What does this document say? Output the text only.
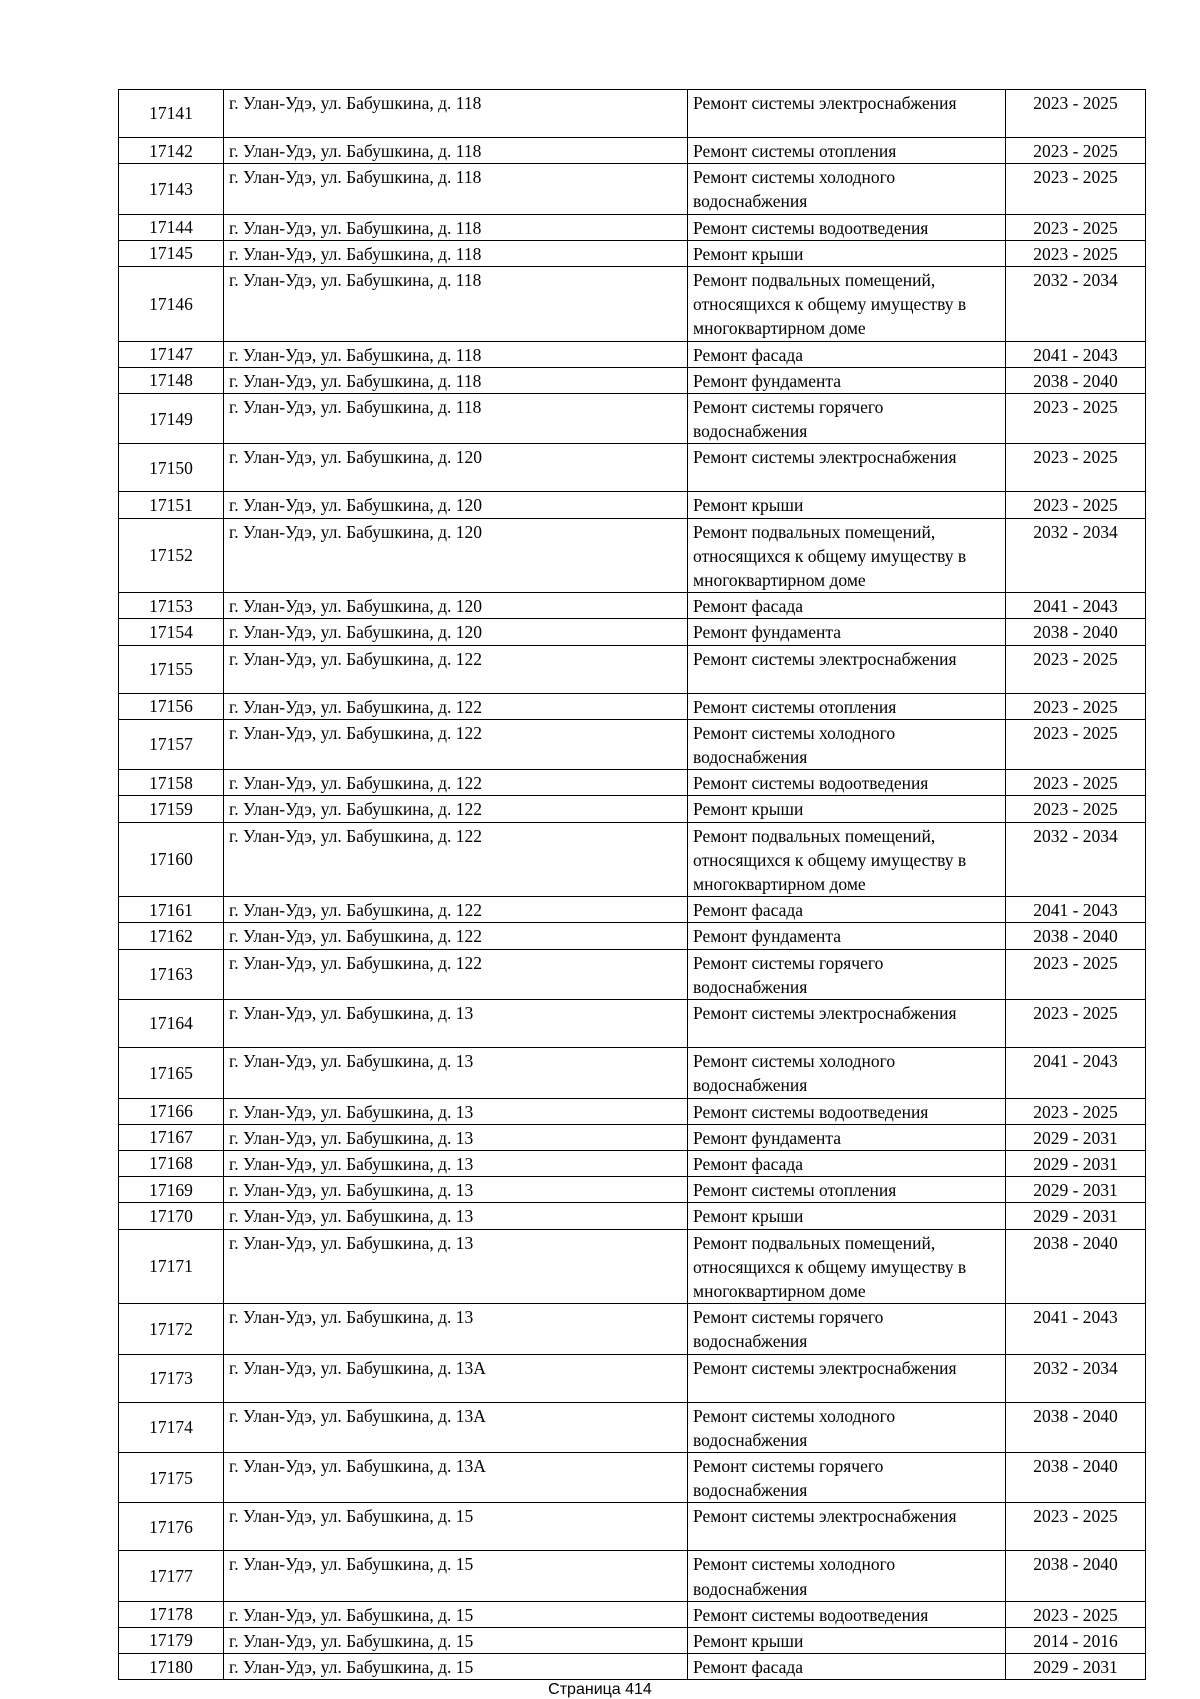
17141	г. Улан-Удэ, ул. Бабушкина, д. 118	Ремонт системы электроснабжения	2023 - 2025
17142	г. Улан-Удэ, ул. Бабушкина, д. 118	Ремонт системы отопления	2023 - 2025
17143	г. Улан-Удэ, ул. Бабушкина, д. 118	Ремонт системы холодного водоснабжения	2023 - 2025
17144	г. Улан-Удэ, ул. Бабушкина, д. 118	Ремонт системы водоотведения	2023 - 2025
17145	г. Улан-Удэ, ул. Бабушкина, д. 118	Ремонт крыши	2023 - 2025
17146	г. Улан-Удэ, ул. Бабушкина, д. 118	Ремонт подвальных помещений, относящихся к общему имуществу в многоквартирном доме	2032 - 2034
17147	г. Улан-Удэ, ул. Бабушкина, д. 118	Ремонт фасада	2041 - 2043
17148	г. Улан-Удэ, ул. Бабушкина, д. 118	Ремонт фундамента	2038 - 2040
17149	г. Улан-Удэ, ул. Бабушкина, д. 118	Ремонт системы горячего водоснабжения	2023 - 2025
17150	г. Улан-Удэ, ул. Бабушкина, д. 120	Ремонт системы электроснабжения	2023 - 2025
17151	г. Улан-Удэ, ул. Бабушкина, д. 120	Ремонт крыши	2023 - 2025
17152	г. Улан-Удэ, ул. Бабушкина, д. 120	Ремонт подвальных помещений, относящихся к общему имуществу в многоквартирном доме	2032 - 2034
17153	г. Улан-Удэ, ул. Бабушкина, д. 120	Ремонт фасада	2041 - 2043
17154	г. Улан-Удэ, ул. Бабушкина, д. 120	Ремонт фундамента	2038 - 2040
17155	г. Улан-Удэ, ул. Бабушкина, д. 122	Ремонт системы электроснабжения	2023 - 2025
17156	г. Улан-Удэ, ул. Бабушкина, д. 122	Ремонт системы отопления	2023 - 2025
17157	г. Улан-Удэ, ул. Бабушкина, д. 122	Ремонт системы холодного водоснабжения	2023 - 2025
17158	г. Улан-Удэ, ул. Бабушкина, д. 122	Ремонт системы водоотведения	2023 - 2025
17159	г. Улан-Удэ, ул. Бабушкина, д. 122	Ремонт крыши	2023 - 2025
17160	г. Улан-Удэ, ул. Бабушкина, д. 122	Ремонт подвальных помещений, относящихся к общему имуществу в многоквартирном доме	2032 - 2034
17161	г. Улан-Удэ, ул. Бабушкина, д. 122	Ремонт фасада	2041 - 2043
17162	г. Улан-Удэ, ул. Бабушкина, д. 122	Ремонт фундамента	2038 - 2040
17163	г. Улан-Удэ, ул. Бабушкина, д. 122	Ремонт системы горячего водоснабжения	2023 - 2025
17164	г. Улан-Удэ, ул. Бабушкина, д. 13	Ремонт системы электроснабжения	2023 - 2025
17165	г. Улан-Удэ, ул. Бабушкина, д. 13	Ремонт системы холодного водоснабжения	2041 - 2043
17166	г. Улан-Удэ, ул. Бабушкина, д. 13	Ремонт системы водоотведения	2023 - 2025
17167	г. Улан-Удэ, ул. Бабушкина, д. 13	Ремонт фундамента	2029 - 2031
17168	г. Улан-Удэ, ул. Бабушкина, д. 13	Ремонт фасада	2029 - 2031
17169	г. Улан-Удэ, ул. Бабушкина, д. 13	Ремонт системы отопления	2029 - 2031
17170	г. Улан-Удэ, ул. Бабушкина, д. 13	Ремонт крыши	2029 - 2031
17171	г. Улан-Удэ, ул. Бабушкина, д. 13	Ремонт подвальных помещений, относящихся к общему имуществу в многоквартирном доме	2038 - 2040
17172	г. Улан-Удэ, ул. Бабушкина, д. 13	Ремонт системы горячего водоснабжения	2041 - 2043
17173	г. Улан-Удэ, ул. Бабушкина, д. 13А	Ремонт системы электроснабжения	2032 - 2034
17174	г. Улан-Удэ, ул. Бабушкина, д. 13А	Ремонт системы холодного водоснабжения	2038 - 2040
17175	г. Улан-Удэ, ул. Бабушкина, д. 13А	Ремонт системы горячего водоснабжения	2038 - 2040
17176	г. Улан-Удэ, ул. Бабушкина, д. 15	Ремонт системы электроснабжения	2023 - 2025
17177	г. Улан-Удэ, ул. Бабушкина, д. 15	Ремонт системы холодного водоснабжения	2038 - 2040
17178	г. Улан-Удэ, ул. Бабушкина, д. 15	Ремонт системы водоотведения	2023 - 2025
17179	г. Улан-Удэ, ул. Бабушкина, д. 15	Ремонт крыши	2014 - 2016
17180	г. Улан-Удэ, ул. Бабушкина, д. 15	Ремонт фасада	2029 - 2031
Страница 414
